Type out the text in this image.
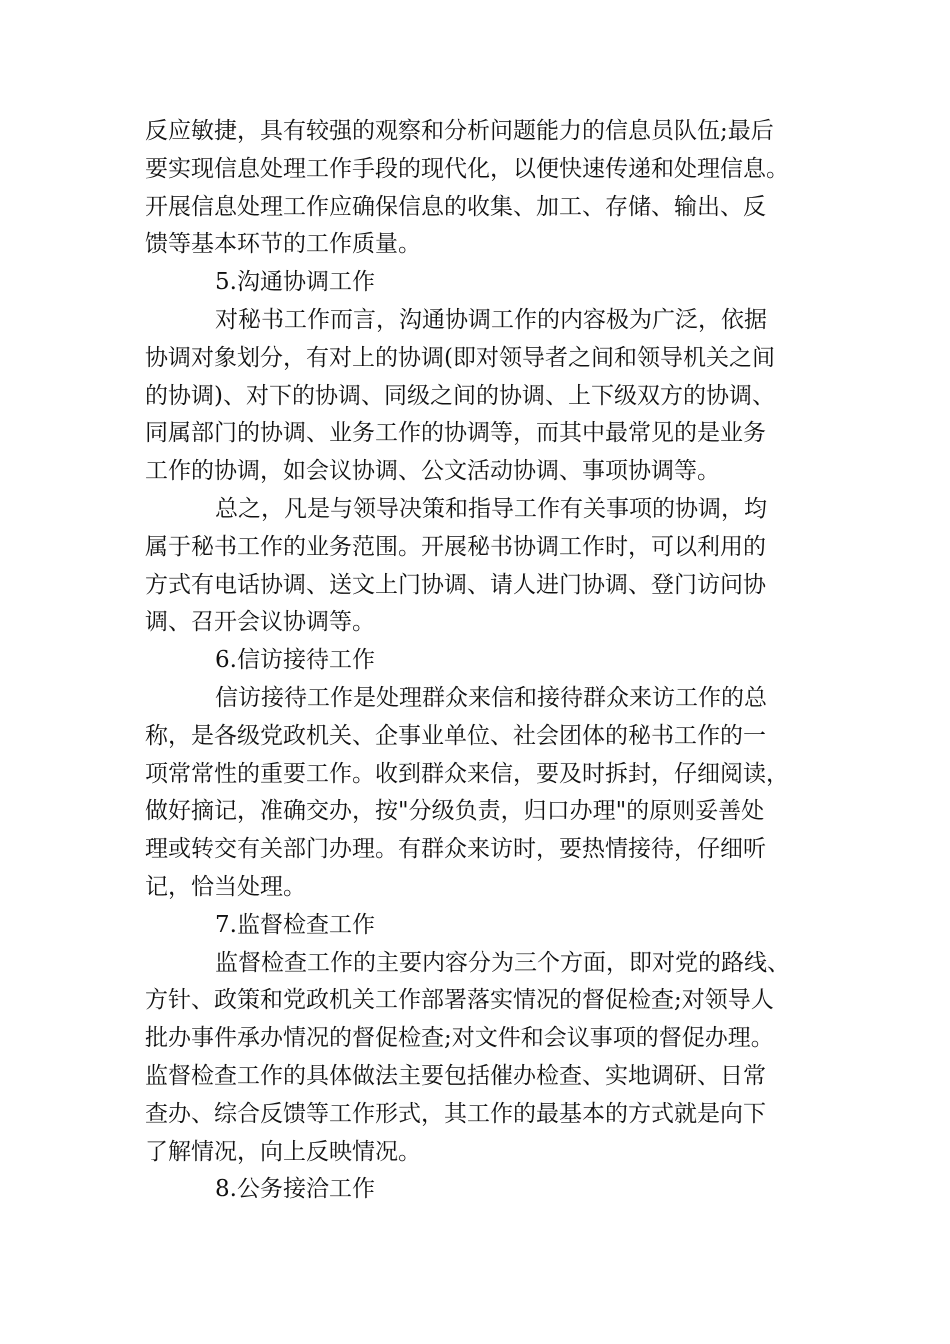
反应敏捷，具有较强的观察和分析问题能力的信息员队伍;最后
要实现信息处理工作手段的现代化，以便快速传递和处理信息。
开展信息处理工作应确保信息的收集、加工、存储、输出、反
馈等基本环节的工作质量。
5.沟通协调工作
对秘书工作而言，沟通协调工作的内容极为广泛，依据
协调对象划分，有对上的协调(即对领导者之间和领导机关之间
的协调)、对下的协调、同级之间的协调、上下级双方的协调、
同属部门的协调、业务工作的协调等，而其中最常见的是业务
工作的协调，如会议协调、公文活动协调、事项协调等。
总之，凡是与领导决策和指导工作有关事项的协调，均
属于秘书工作的业务范围。开展秘书协调工作时，可以利用的
方式有电话协调、送文上门协调、请人进门协调、登门访问协
调、召开会议协调等。
6.信访接待工作
信访接待工作是处理群众来信和接待群众来访工作的总
称，是各级党政机关、企事业单位、社会团体的秘书工作的一
项常常性的重要工作。收到群众来信，要及时拆封，仔细阅读，
做好摘记，准确交办，按"分级负责，归口办理"的原则妥善处
理或转交有关部门办理。有群众来访时，要热情接待，仔细听
记，恰当处理。
7.监督检查工作
监督检查工作的主要内容分为三个方面，即对党的路线、
方针、政策和党政机关工作部署落实情况的督促检查;对领导人
批办事件承办情况的督促检查;对文件和会议事项的督促办理。
监督检查工作的具体做法主要包括催办检查、实地调研、日常
查办、综合反馈等工作形式，其工作的最基本的方式就是向下
了解情况，向上反映情况。
8.公务接洽工作
